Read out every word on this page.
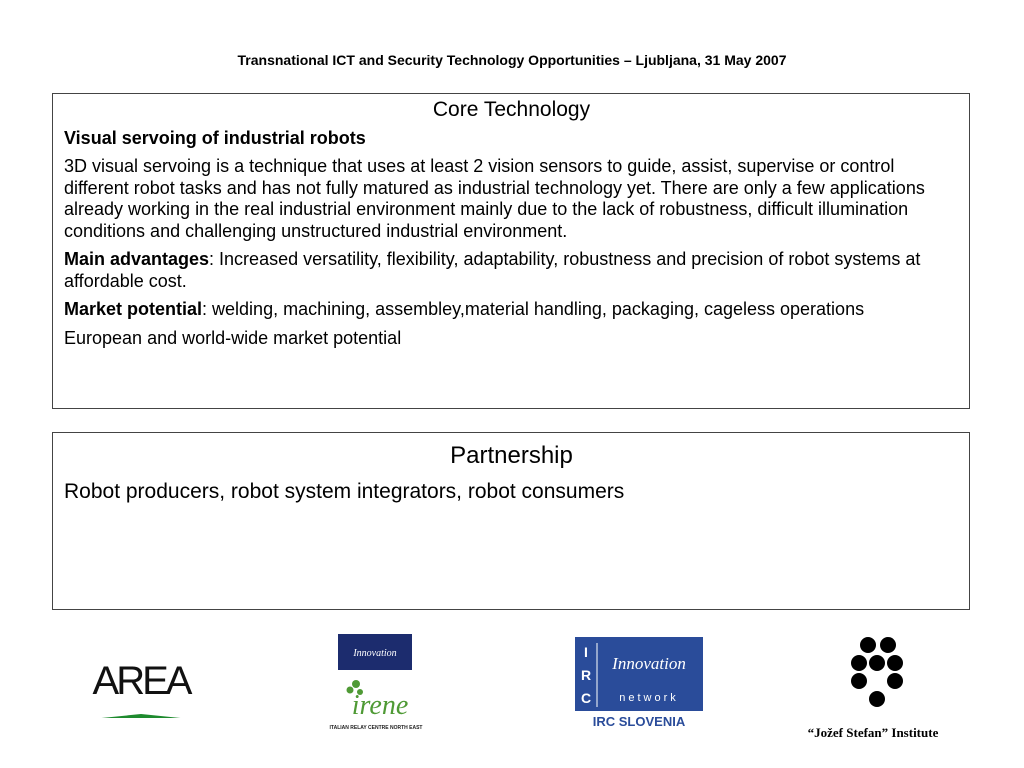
Transnational ICT and Security Technology Opportunities – Ljubljana, 31 May 2007
Core Technology
Visual servoing of industrial robots
3D visual servoing is a technique that uses at least 2 vision sensors to guide, assist, supervise or control different robot tasks and has not fully matured as industrial technology yet. There are only a few applications already working in the real industrial environment mainly due to the lack of robustness, difficult illumination conditions and challenging unstructured industrial environment.
Main advantages: Increased versatility, flexibility, adaptability, robustness and precision of robot systems at affordable cost.
Market potential: welding, machining, assembley,material handling, packaging, cageless operations
European and world-wide market potential
Partnership
Robot producers, robot system integrators, robot consumers
AREA
SciencePark
Innovation
irene
ITALIAN RELAY CENTRE NORTH EAST
I
R
C
Innovation
network
IRC SLOVENIA
“Jožef Stefan” Institute
